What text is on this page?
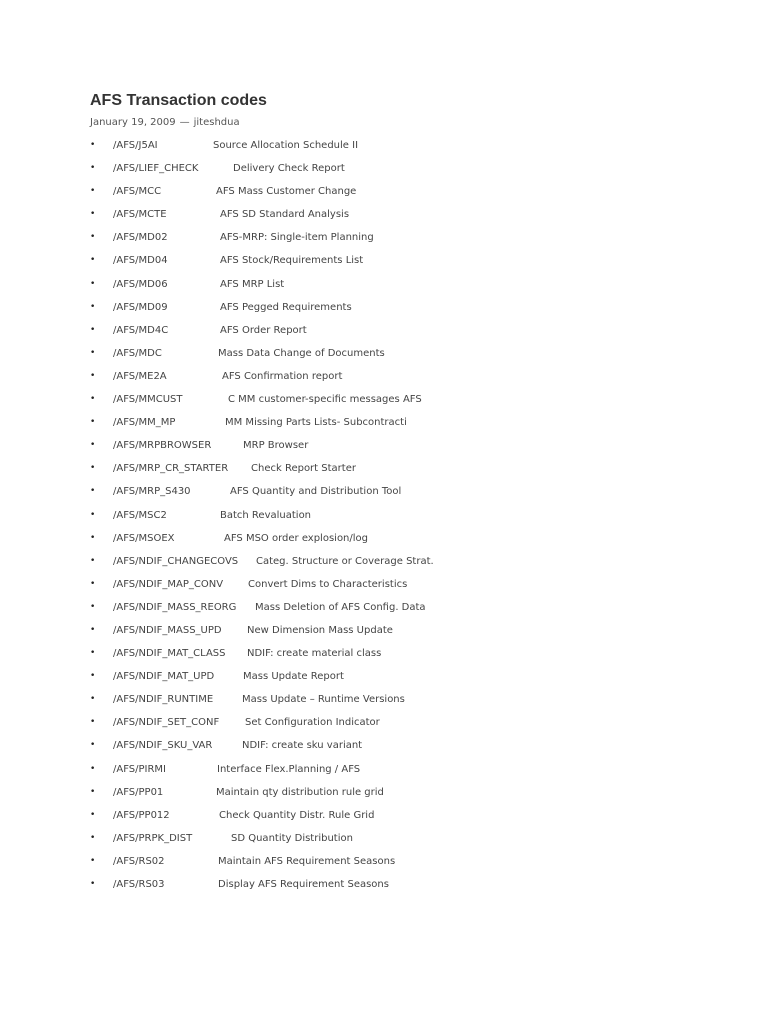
AFS Transaction codes
January 19, 2009 — jiteshdua
• /AFS/J5AI	Source Allocation Schedule II
• /AFS/LIEF_CHECK	Delivery Check Report
• /AFS/MCC	AFS Mass Customer Change
• /AFS/MCTE	AFS SD Standard Analysis
• /AFS/MD02	AFS-MRP: Single-item Planning
• /AFS/MD04	AFS Stock/Requirements List
• /AFS/MD06	AFS MRP List
• /AFS/MD09	AFS Pegged Requirements
• /AFS/MD4C	AFS Order Report
• /AFS/MDC	Mass Data Change of Documents
• /AFS/ME2A	AFS Confirmation report
• /AFS/MMCUST	C MM customer-specific messages AFS
• /AFS/MM_MP	MM Missing Parts Lists- Subcontracti
• /AFS/MRPBROWSER	MRP Browser
• /AFS/MRP_CR_STARTER Check Report Starter
• /AFS/MRP_S430	AFS Quantity and Distribution Tool
• /AFS/MSC2	Batch Revaluation
• /AFS/MSOEX	AFS MSO order explosion/log
• /AFS/NDIF_CHANGECOVS Categ. Structure or Coverage Strat.
• /AFS/NDIF_MAP_CONV Convert Dims to Characteristics
• /AFS/NDIF_MASS_REORG Mass Deletion of AFS Config. Data
• /AFS/NDIF_MASS_UPD	New Dimension Mass Update
• /AFS/NDIF_MAT_CLASS NDIF: create material class
• /AFS/NDIF_MAT_UPD	Mass Update Report
• /AFS/NDIF_RUNTIME	Mass Update – Runtime Versions
• /AFS/NDIF_SET_CONF	Set Configuration Indicator
• /AFS/NDIF_SKU_VAR	NDIF: create sku variant
• /AFS/PIRMI	Interface Flex.Planning / AFS
• /AFS/PP01	Maintain qty distribution rule grid
• /AFS/PP012	Check Quantity Distr. Rule Grid
• /AFS/PRPK_DIST	SD Quantity Distribution
• /AFS/RS02	Maintain AFS Requirement Seasons
• /AFS/RS03	Display AFS Requirement Seasons
